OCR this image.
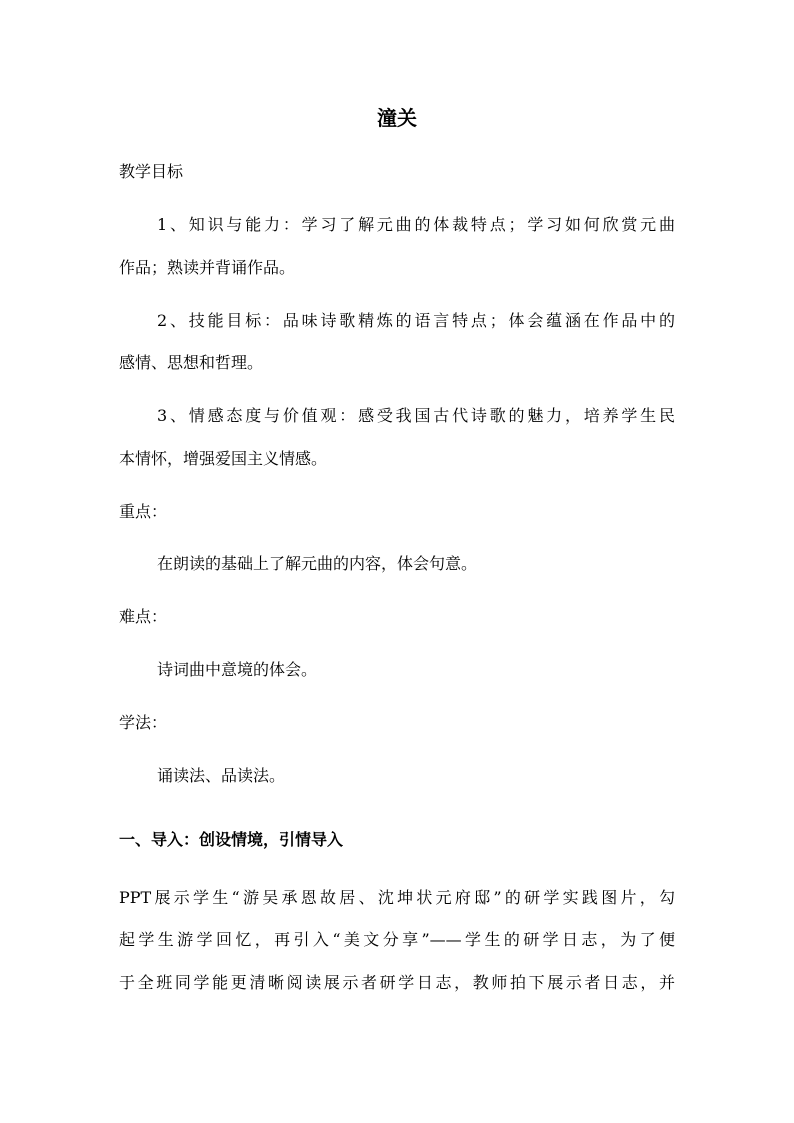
潼关
教学目标
1、知识与能力：学习了解元曲的体裁特点；学习如何欣赏元曲
作品；熟读并背诵作品。
2、技能目标：品味诗歌精炼的语言特点；体会蕴涵在作品中的
感情、思想和哲理。
3、情感态度与价值观：感受我国古代诗歌的魅力，培养学生民
本情怀，增强爱国主义情感。
重点：
在朗读的基础上了解元曲的内容，体会句意。
难点：
诗词曲中意境的体会。
学法：
诵读法、品读法。
一、导入：创设情境，引情导入
PPT展示学生“游吴承恩故居、沈坤状元府邸”的研学实践图片，勾
起学生游学回忆，再引入“美文分享”——学生的研学日志，为了便
于全班同学能更清晰阅读展示者研学日志，教师拍下展示者日志，并
